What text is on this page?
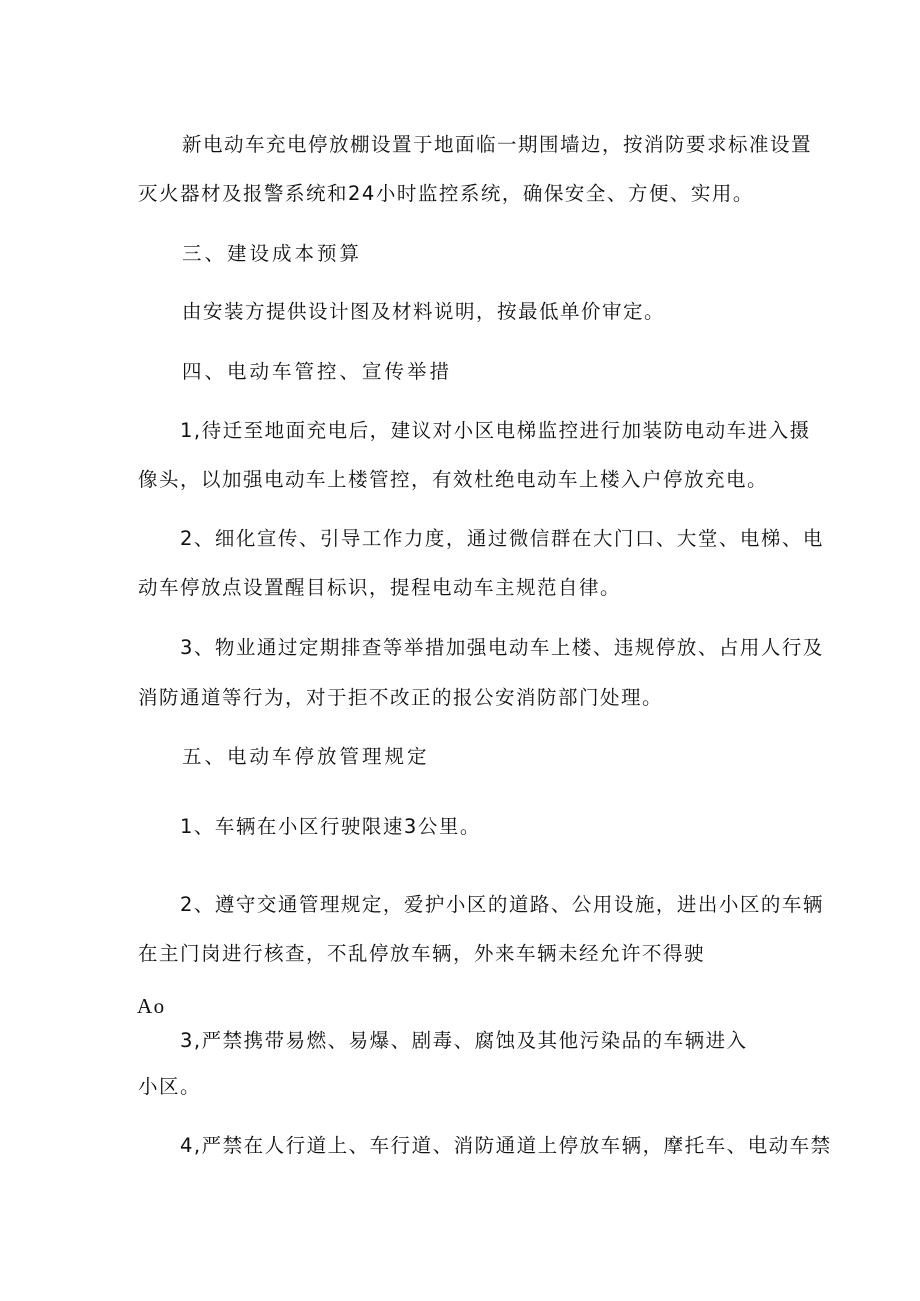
新电动车充电停放棚设置于地面临一期围墙边，按消防要求标准设置
灭火器材及报警系统和24小时监控系统，确保安全、方便、实用。
三、建设成本预算
由安装方提供设计图及材料说明，按最低单价审定。
四、电动车管控、宣传举措
1,待迁至地面充电后，建议对小区电梯监控进行加装防电动车进入摄
像头，以加强电动车上楼管控，有效杜绝电动车上楼入户停放充电。
2、细化宣传、引导工作力度，通过微信群在大门口、大堂、电梯、电
动车停放点设置醒目标识，提程电动车主规范自律。
3、物业通过定期排查等举措加强电动车上楼、违规停放、占用人行及
消防通道等行为，对于拒不改正的报公安消防部门处理。
五、电动车停放管理规定
1、车辆在小区行驶限速3公里。
2、遵守交通管理规定，爱护小区的道路、公用设施，进出小区的车辆
在主门岗进行核查，不乱停放车辆，外来车辆未经允许不得驶
Ao
3,严禁携带易燃、易爆、剧毒、腐蚀及其他污染品的车辆进入
小区。
4,严禁在人行道上、车行道、消防通道上停放车辆，摩托车、电动车禁
